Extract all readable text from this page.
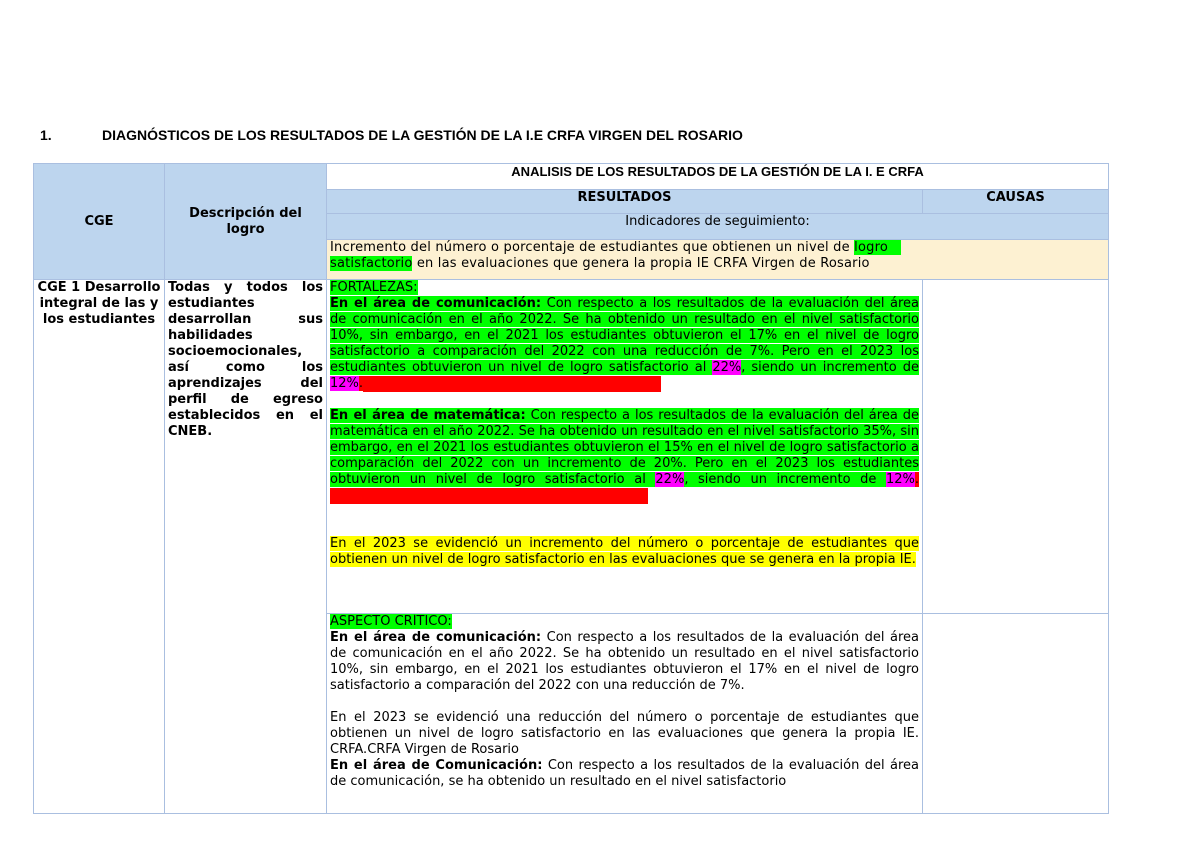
1.	DIAGNÓSTICOS DE LOS RESULTADOS DE LA GESTIÓN DE LA I.E CRFA VIRGEN DEL ROSARIO
CGE	Descripción del logro	ANALISIS DE LOS RESULTADOS DE LA GESTIÓN DE LA I. E CRFA	
		RESULTADOS	CAUSAS
		Indicadores de seguimiento:	
		Incremento del número o porcentaje de estudiantes que obtienen un nivel de logro
satisfactorio en las evaluaciones que genera la propia IE CRFA Virgen de Rosario	
CGE 1 Desarrollo integral de las y los estudiantes	Todas y todos los estudiantes desarrollan sus habilidades socioemocionales, así como los aprendizajes del perfil de egreso establecidos en el CNEB.	FORTALEZAS:
En el área de comunicación: Con respecto a los resultados de la evaluación del área de comunicación en el año 2022. Se ha obtenido un resultado en el nivel satisfactorio 10%, sin embargo, en el 2021 los estudiantes obtuvieron el 17% en el nivel de logro satisfactorio a comparación del 2022 con una reducción de 7%. Pero en el 2023 los estudiantes obtuvieron un nivel de logro satisfactorio al 22%, siendo un incremento de 12%.
En el área de matemática: Con respecto a los resultados de la evaluación del área de matemática en el año 2022. Se ha obtenido un resultado en el nivel satisfactorio 35%, sin embargo, en el 2021 los estudiantes obtuvieron el 15% en el nivel de logro satisfactorio a comparación del 2022 con un incremento de 20%. Pero en el 2023 los estudiantes obtuvieron un nivel de logro satisfactorio al 22%, siendo un incremento de 12%.
En el 2023 se evidenció un incremento del número o porcentaje de estudiantes que obtienen un nivel de logro satisfactorio en las evaluaciones que se genera en la propia IE.	

		ASPECTO CRÍTICO:
En el área de comunicación: Con respecto a los resultados de la evaluación del área de comunicación en el año 2022. Se ha obtenido un resultado en el nivel satisfactorio 10%, sin embargo, en el 2021 los estudiantes obtuvieron el 17% en el nivel de logro satisfactorio a comparación del 2022 con una reducción de 7%.
En el 2023 se evidenció una reducción del número o porcentaje de estudiantes que obtienen un nivel de logro satisfactorio en las evaluaciones que genera la propia IE. CRFA.CRFA Virgen de Rosario
En el área de Comunicación: Con respecto a los resultados de la evaluación del área de comunicación, se ha obtenido un resultado en el nivel satisfactorio	
